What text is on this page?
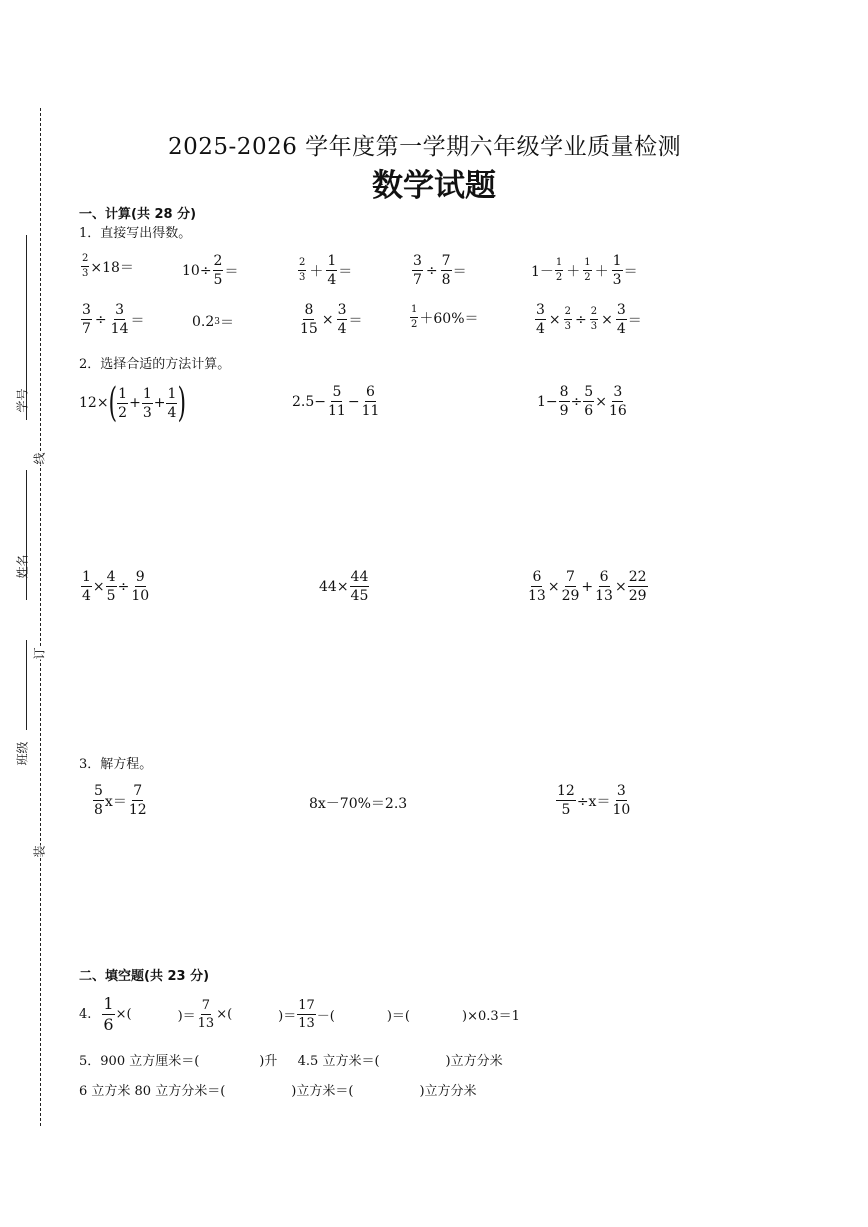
学号
姓名
班级
线
订
装
2025-2026 学年度第一学期六年级学业质量检测
数学试题
一、计算(共 28 分)
1．直接写出得数。
$\frac{2}{3} \times 18=$	$10\div \frac{2}{5}$ ＝	$\frac{2}{3} + \frac{1}{4}$ ＝	$\frac{3}{7} \div \frac{7}{8}$ ＝	$1- \frac{1}{2} + \frac{1}{2} + \frac{1}{3}$ ＝
$\frac{3}{7} \div \frac{3}{14}$ ＝	0.2 3 ＝	$\frac{8}{15} \times \frac{3}{4}$ ＝	$\frac{1}{2} +60\%=$	$\frac{3}{4} \times \frac{2}{3} \div \frac{2}{3} \times \frac{3}{4}$ ＝
2．选择合适的方法计算。
12× ( $\frac{1}{2} + \frac{1}{3} + \frac{1}{4}$ )	$2.5- \frac{5}{11} - \frac{6}{11}$	$1- \frac{8}{9} \div \frac{5}{6} \times \frac{3}{16}$
$\frac{1}{4} \times \frac{4}{5} \div \frac{9}{10}$	$44\times \frac{44}{45}$	$\frac{6}{13} \times \frac{7}{29} + \frac{6}{13} \times \frac{22}{29}$
3．解方程。
$\frac{5}{8} x= \frac{7}{12}$	8x－70%＝2.3	$\frac{12}{5} \div x= \frac{3}{10}$
二、填空题(共 23 分)
4. $\frac{1}{6}$ ×(	)＝ $\frac{7}{13}$ ×(	)＝ $\frac{17}{13}$ －(	)＝(	)×0.3＝1
5．900 立方厘米＝(	)升 4.5 立方米＝(	)立方分米
6 立方米 80 立方分米＝(	)立方米＝(	)立方分米
